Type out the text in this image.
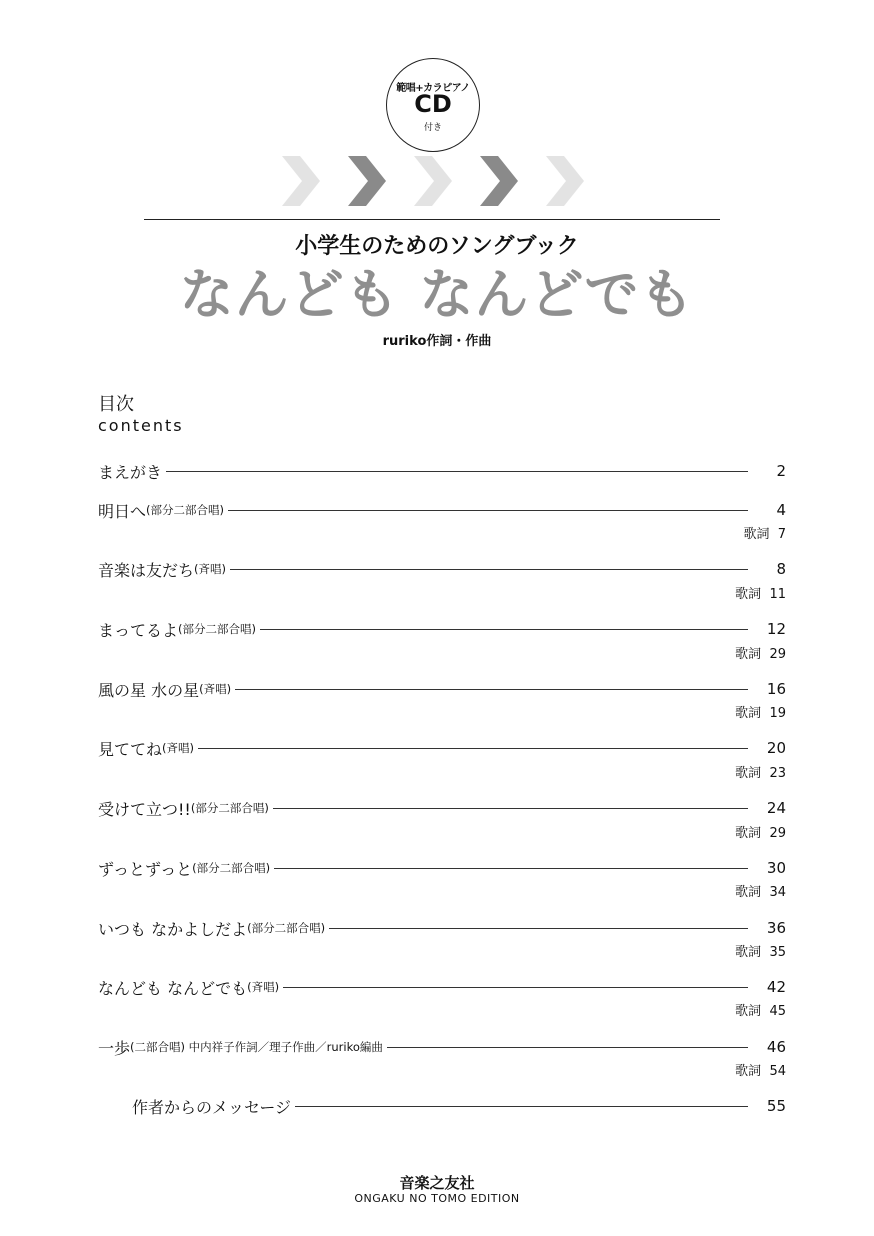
範唱+カラピアノ
CD
付き
小学生のためのソングブック
なんども なんどでも
ruriko作詞・作曲
目次
contents
まえがき	2
明日へ (部分二部合唱)	4
歌詞 7
音楽は友だち (斉唱)	8
歌詞 11
まってるよ (部分二部合唱)	12
歌詞 29
風の星 水の星 (斉唱)	16
歌詞 19
見ててね (斉唱)	20
歌詞 23
受けて立つ!! (部分二部合唱)	24
歌詞 29
ずっとずっと (部分二部合唱)	30
歌詞 34
いつも なかよしだよ (部分二部合唱)	36
歌詞 35
なんども なんどでも (斉唱)	42
歌詞 45
一歩 (二部合唱) 中内祥子作詞／理子作曲／ruriko編曲	46
歌詞 54
作者からのメッセージ	55
音楽之友社
ONGAKU NO TOMO EDITION
